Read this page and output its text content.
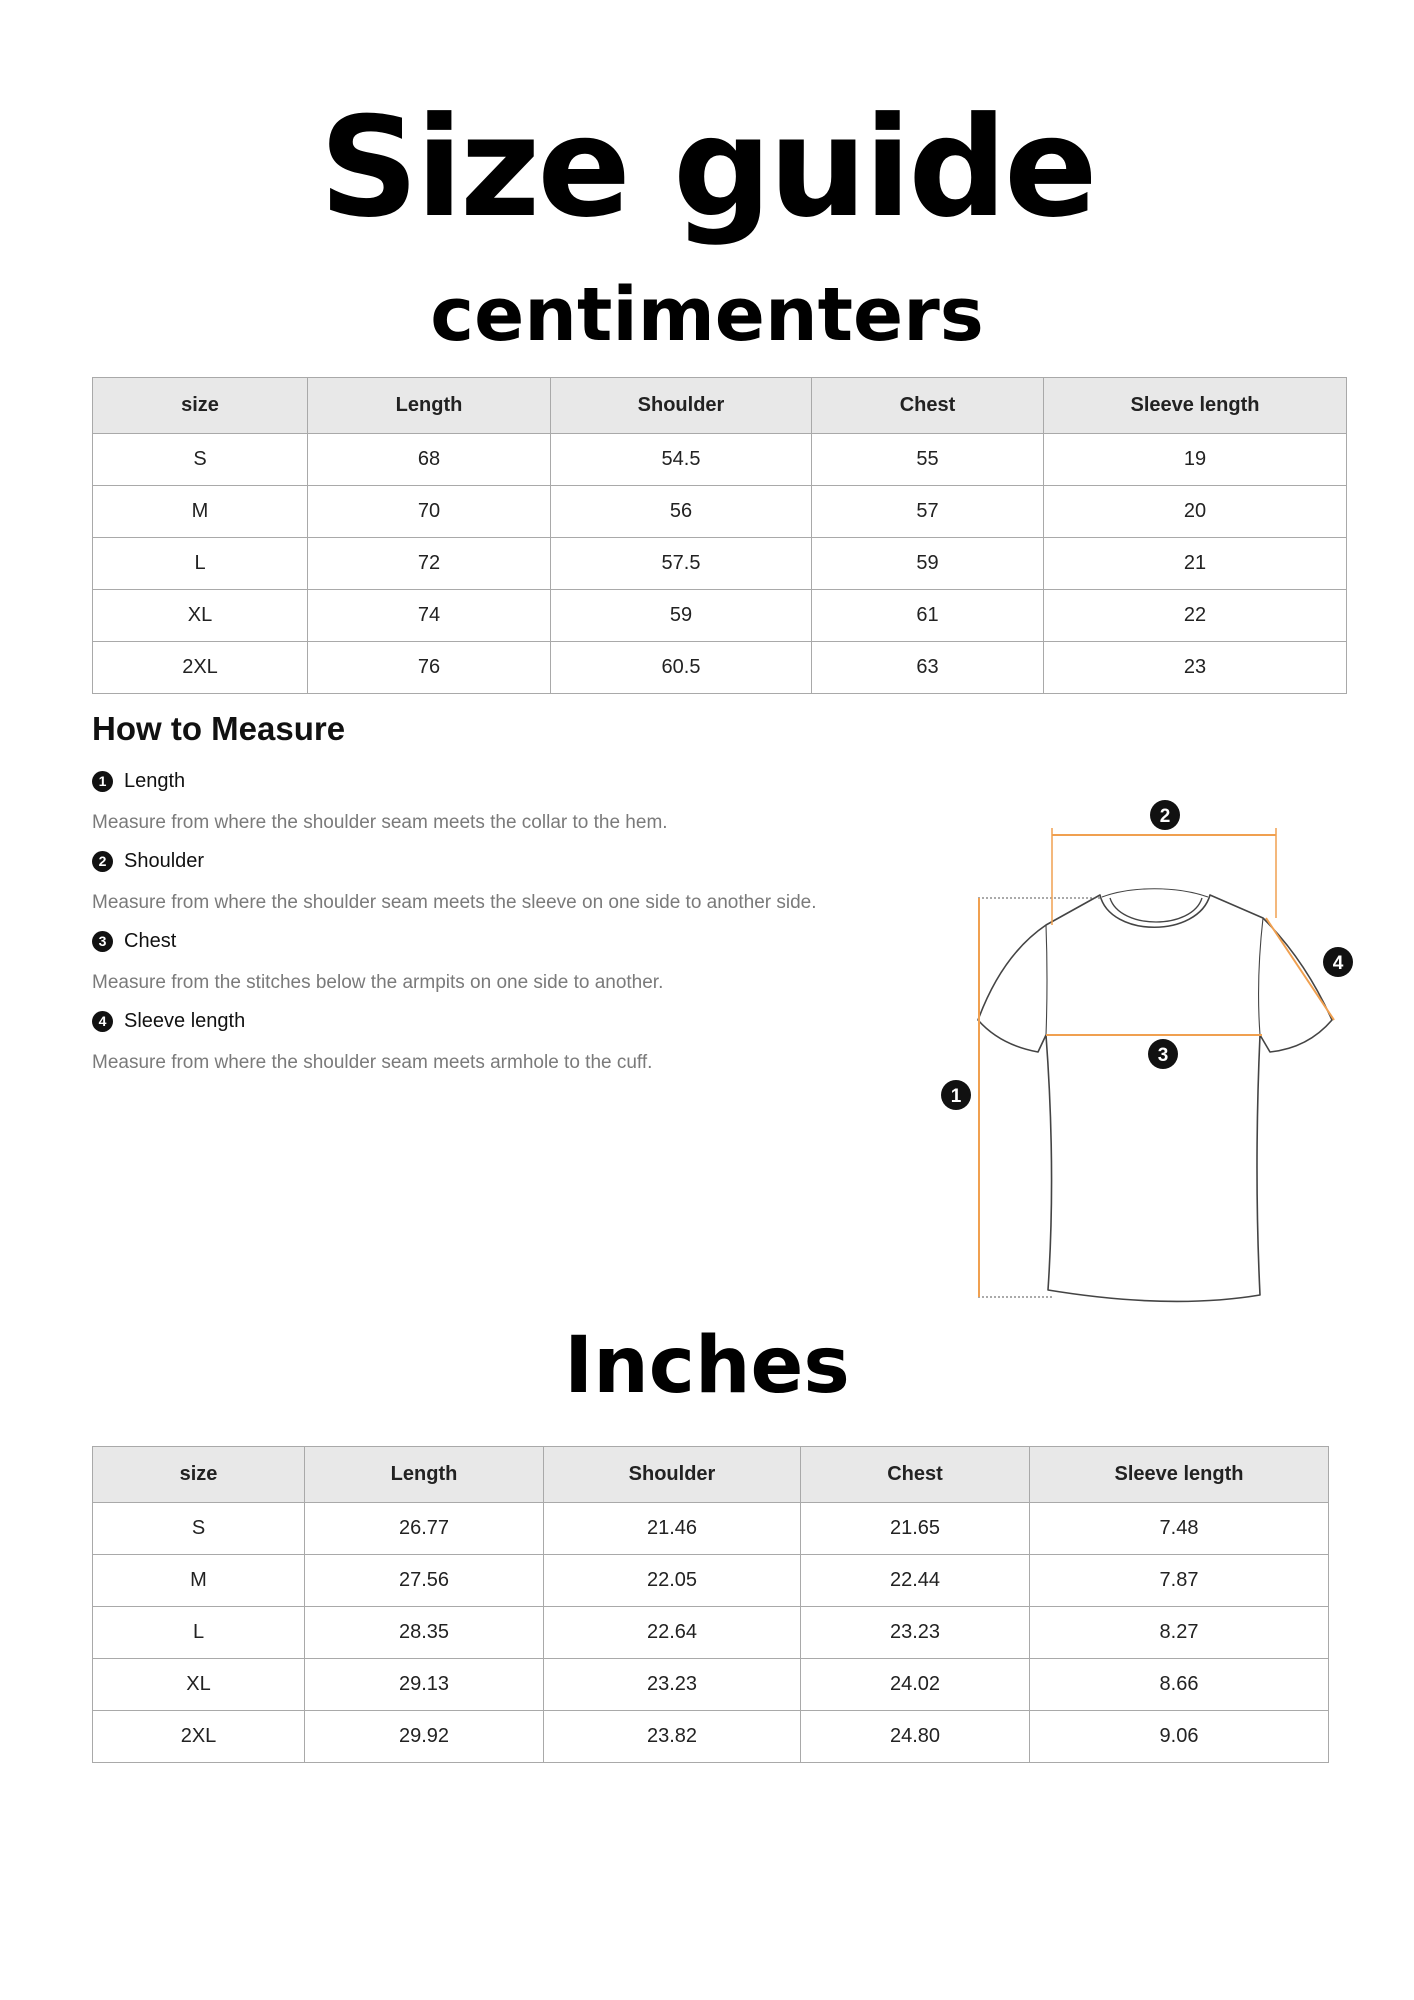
Size guide
centimenters
size	Length	Shoulder	Chest	Sleeve length
S	68	54.5	55	19
M	70	56	57	20
L	72	57.5	59	21
XL	74	59	61	22
2XL	76	60.5	63	23
How to Measure
1 Length
Measure from where the shoulder seam meets the collar to the hem.
2 Shoulder
Measure from where the shoulder seam meets the sleeve on one side to another side.
3 Chest
Measure from the stitches below the armpits on one side to another.
4 Sleeve length
Measure from where the shoulder seam meets armhole to the cuff.
2
4
3
1
Inches
size	Length	Shoulder	Chest	Sleeve length
S	26.77	21.46	21.65	7.48
M	27.56	22.05	22.44	7.87
L	28.35	22.64	23.23	8.27
XL	29.13	23.23	24.02	8.66
2XL	29.92	23.82	24.80	9.06
